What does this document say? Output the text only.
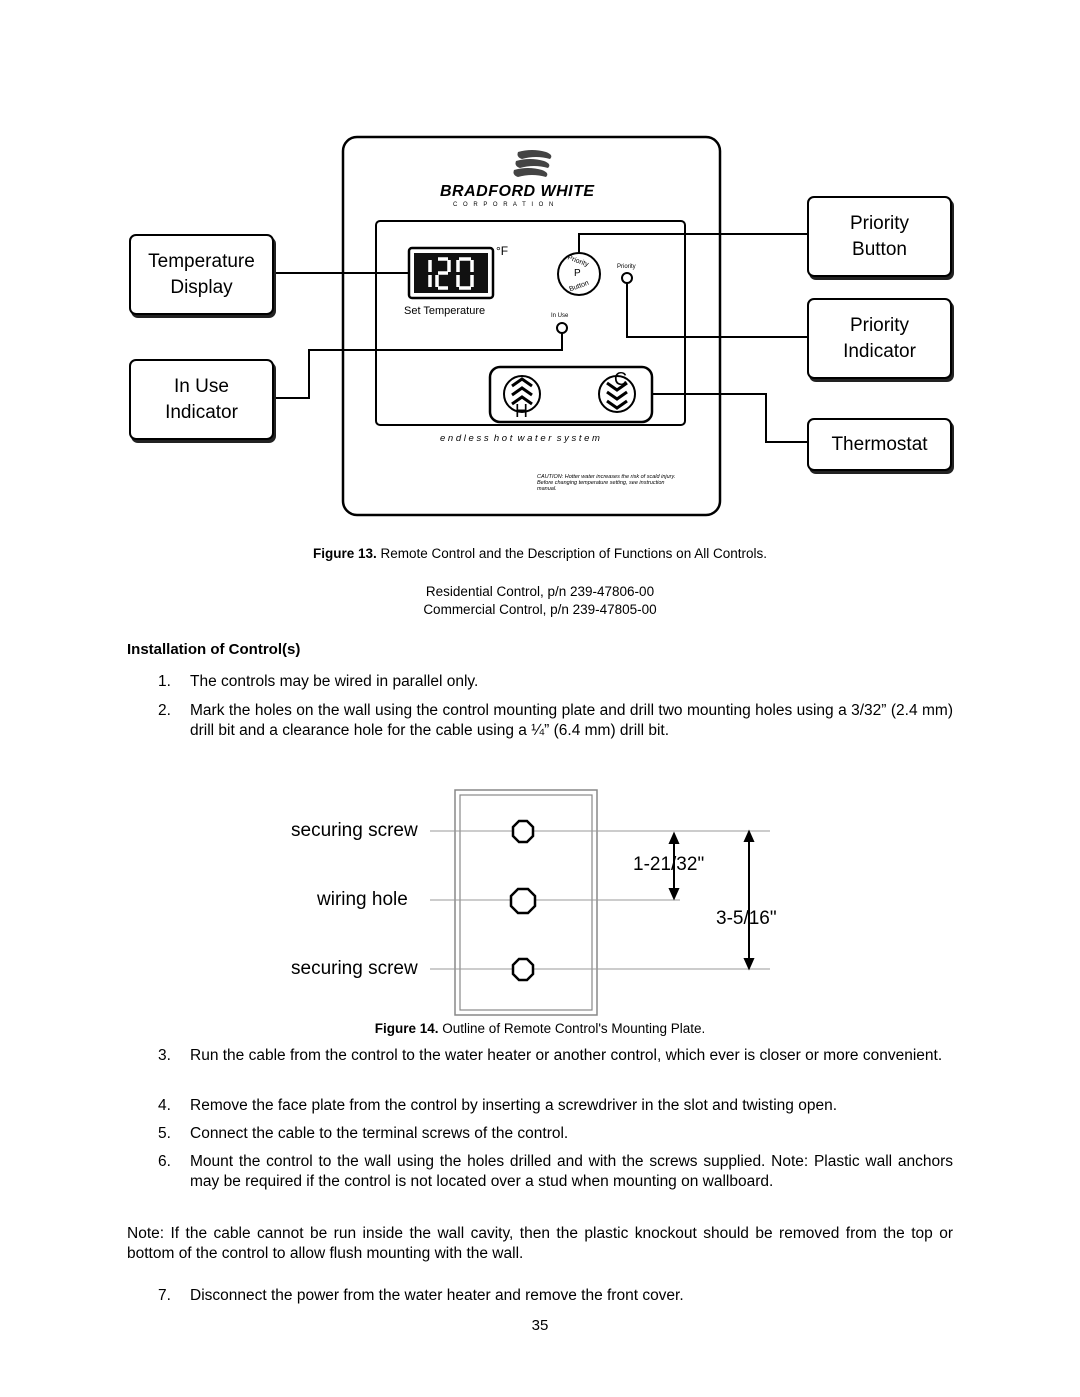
BRADFORD WHITE
C O R P O R A T I O N
°F
Set Temperature
Priority
P
Button
Priority
In Use
C
H
e n d l e s s  h o t  w a t e r  s y s t e m
CAUTION: Hotter water increases the risk of scald injury. Before changing temperature setting, see instruction manual.
Temperature
Display
In Use
Indicator
Priority
Button
Priority
Indicator
Thermostat
Figure 13. Remote Control and the Description of Functions on All Controls.
Residential Control, p/n 239-47806-00
Commercial Control, p/n 239-47805-00
Installation of Control(s)
1.	The controls may be wired in parallel only.
2.	Mark the holes on the wall using the control mounting plate and drill two mounting holes using a 3/32” (2.4 mm) drill bit and a clearance hole for the cable using a ¼” (6.4 mm) drill bit.
securing screw
wiring hole
securing screw
1-21/32"
3-5/16"
Figure 14. Outline of Remote Control's Mounting Plate.
3.	Run the cable from the control to the water heater or another control, which ever is closer or more convenient.
4.	Remove the face plate from the control by inserting a screwdriver in the slot and twisting open.
5.	Connect the cable to the terminal screws of the control.
6.	Mount the control to the wall using the holes drilled and with the screws supplied. Note: Plastic wall anchors may be required if the control is not located over a stud when mounting on wallboard.
Note: If the cable cannot be run inside the wall cavity, then the plastic knockout should be removed from the top or bottom of the control to allow flush mounting with the wall.
7.	Disconnect the power from the water heater and remove the front cover.
35
